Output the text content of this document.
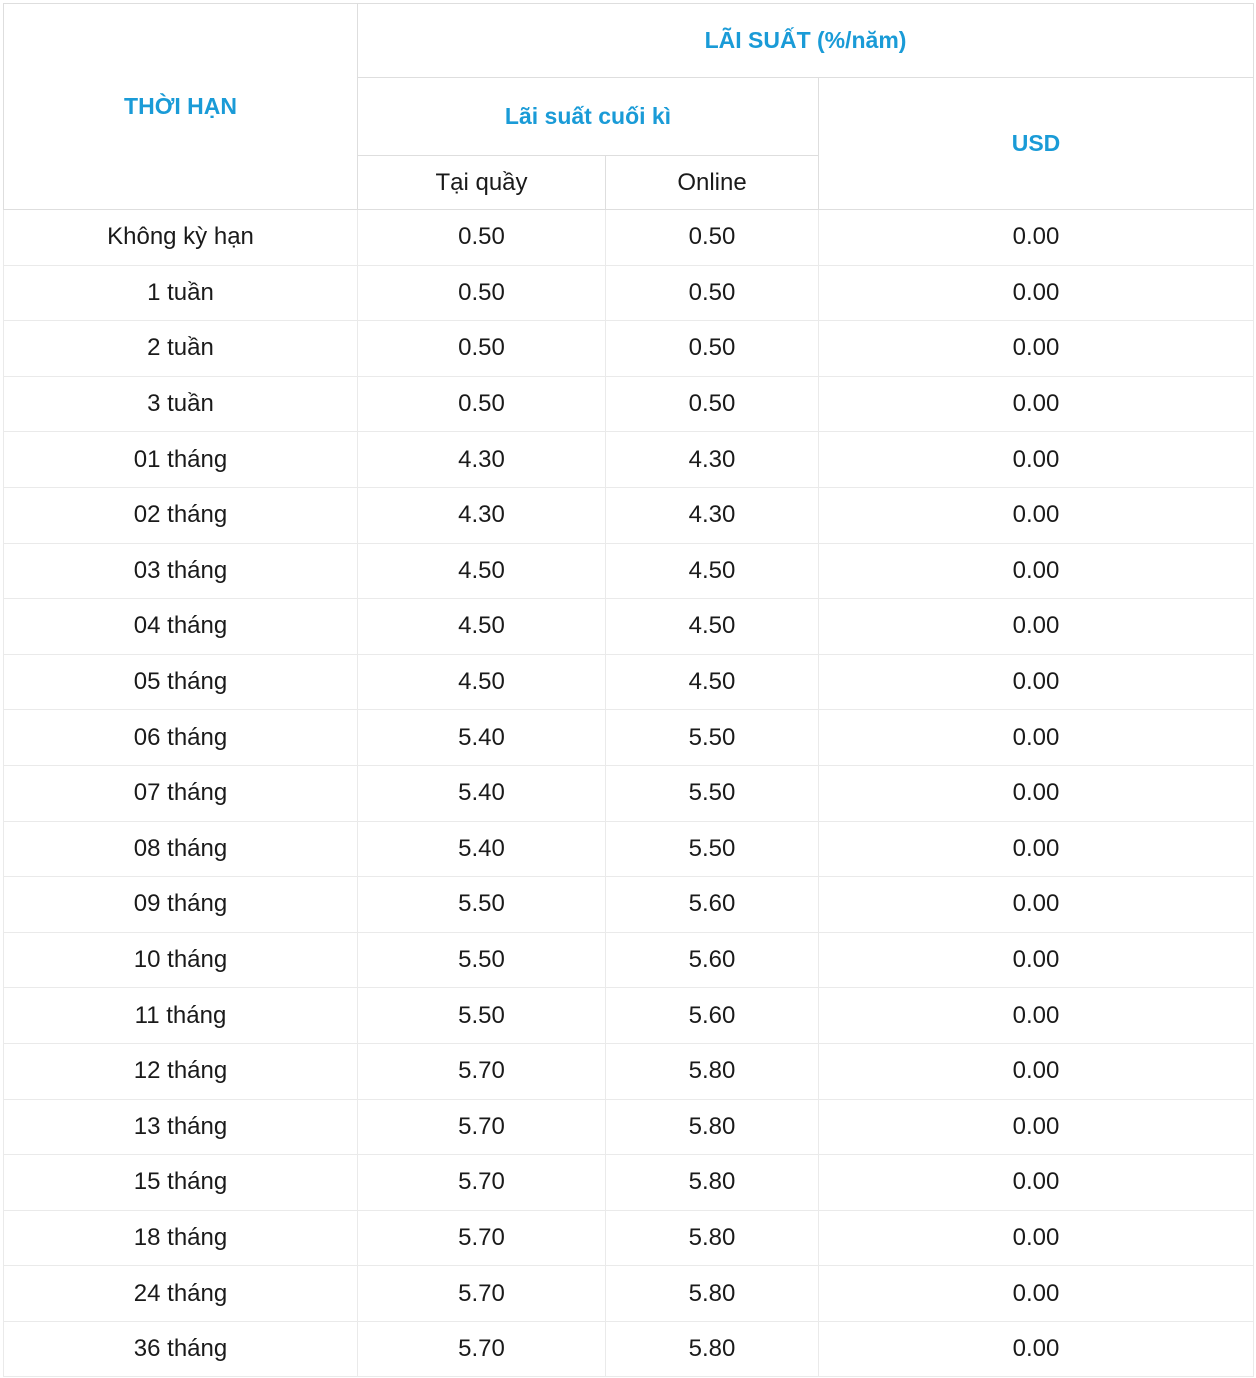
THỜI HẠN	LÃI SUẤT (%/năm)		
	Lãi suất cuối kì		USD
	Tại quầy	Online	
Không kỳ hạn	0.50	0.50	0.00
1 tuần	0.50	0.50	0.00
2 tuần	0.50	0.50	0.00
3 tuần	0.50	0.50	0.00
01 tháng	4.30	4.30	0.00
02 tháng	4.30	4.30	0.00
03 tháng	4.50	4.50	0.00
04 tháng	4.50	4.50	0.00
05 tháng	4.50	4.50	0.00
06 tháng	5.40	5.50	0.00
07 tháng	5.40	5.50	0.00
08 tháng	5.40	5.50	0.00
09 tháng	5.50	5.60	0.00
10 tháng	5.50	5.60	0.00
11 tháng	5.50	5.60	0.00
12 tháng	5.70	5.80	0.00
13 tháng	5.70	5.80	0.00
15 tháng	5.70	5.80	0.00
18 tháng	5.70	5.80	0.00
24 tháng	5.70	5.80	0.00
36 tháng	5.70	5.80	0.00
